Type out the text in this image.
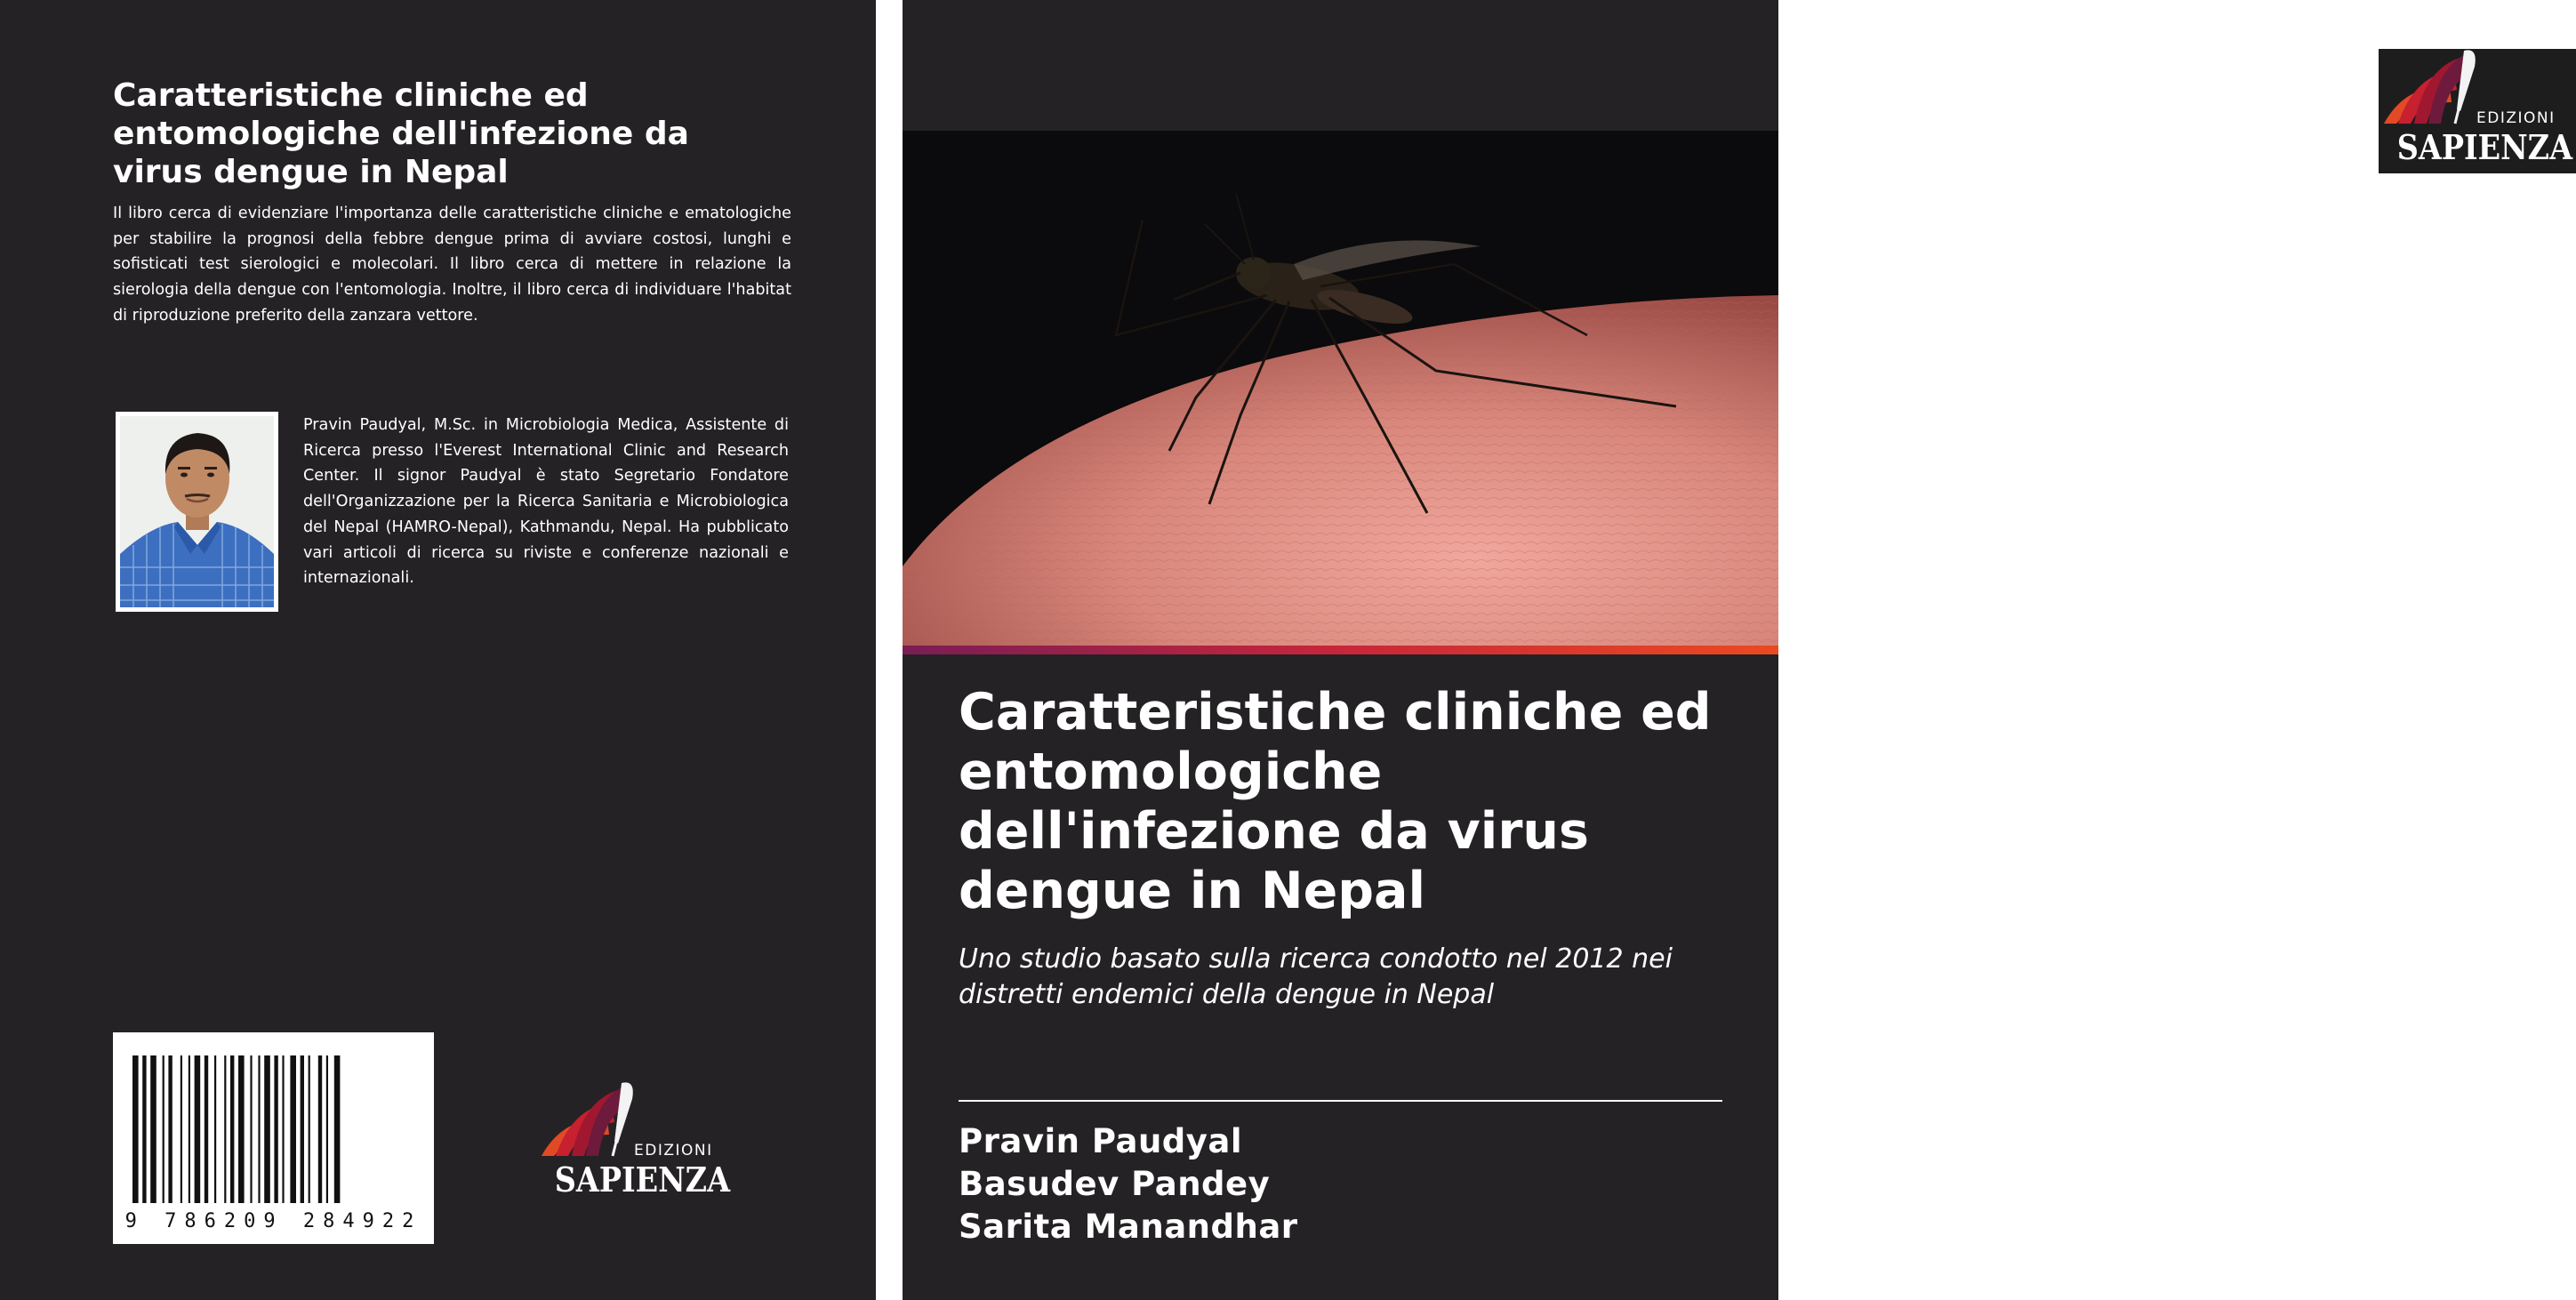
Caratteristiche cliniche ed entomologiche dell'infezione da virus dengue in Nepal

Il libro cerca di evidenziare l'importanza delle caratteristiche cliniche e ematologiche per stabilire la prognosi della febbre dengue prima di avviare costosi, lunghi e sofisticati test sierologici e molecolari. Il libro cerca di mettere in relazione la sierologia della dengue con l'entomologia. Inoltre, il libro cerca di individuare l'habitat di riproduzione preferito della zanzara vettore.

Pravin Paudyal, M.Sc. in Microbiologia Medica, Assistente di Ricerca presso l'Everest International Clinic and Research Center. Il signor Paudyal è stato Segretario Fondatore dell'Organizzazione per la Ricerca Sanitaria e Microbiologica del Nepal (HAMRO-Nepal), Kathmandu, Nepal. Ha pubblicato vari articoli di ricerca su riviste e conferenze nazionali e internazionali.

9 786209 284922
EDIZIONI
SAPIENZA
EDIZIONI
SAPIENZA
Caratteristiche cliniche ed entomologiche dell'infezione da virus dengue in Nepal

Uno studio basato sulla ricerca condotto nel 2012 nei distretti endemici della dengue in Nepal

Pravin Paudyal
Basudev Pandey
Sarita Manandhar
